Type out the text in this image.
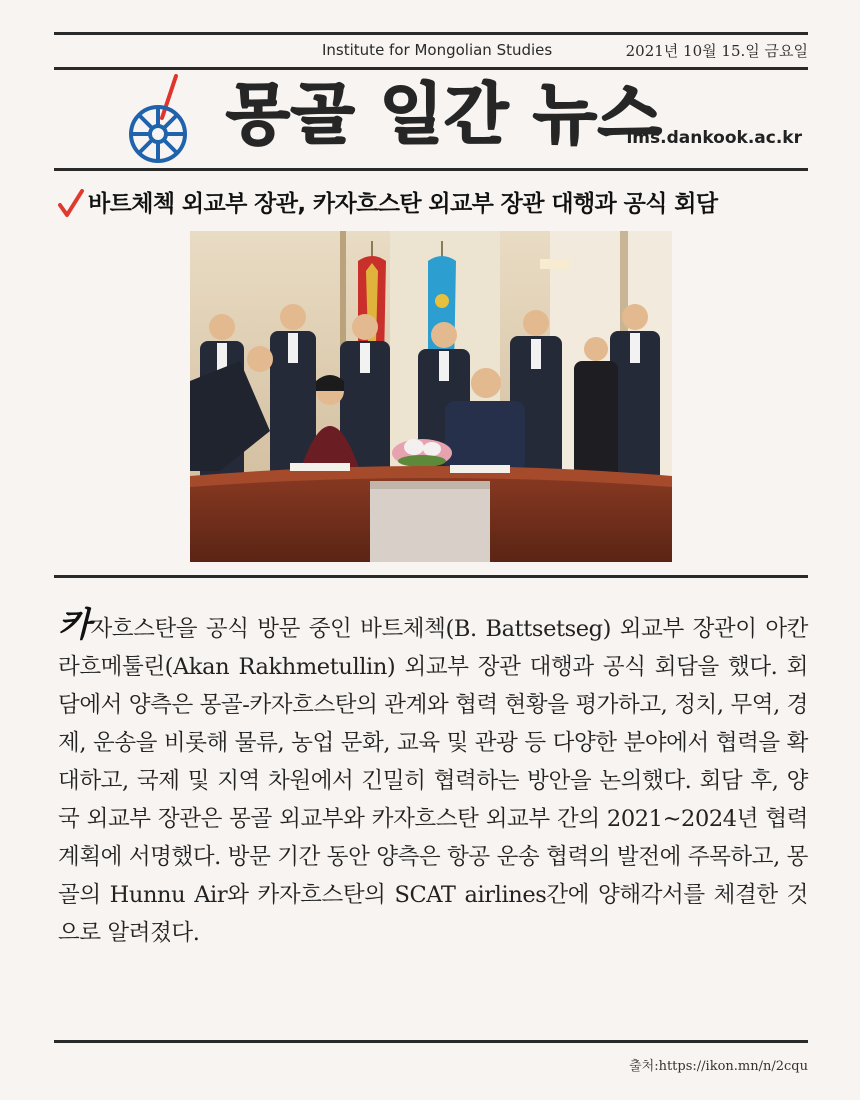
Institute for Mongolian Studies	2021년 10월 15.일 금요일
몽골 일간 뉴스
ims.dankook.ac.kr
바트체첵 외교부 장관, 카자흐스탄 외교부 장관 대행과 공식 회담
카자흐스탄을 공식 방문 중인 바트체첵(B. Battsetseg) 외교부 장관이 아칸 라흐메툴린(Akan Rakhmetullin) 외교부 장관 대행과 공식 회담을 했다. 회담에서 양측은 몽골-카자흐스탄의 관계와 협력 현황을 평가하고, 정치, 무역, 경제, 운송을 비롯해 물류, 농업 문화, 교육 및 관광 등 다양한 분야에서 협력을 확대하고, 국제 및 지역 차원에서 긴밀히 협력하는 방안을 논의했다. 회담 후, 양국 외교부 장관은 몽골 외교부와 카자흐스탄 외교부 간의 2021~2024년 협력 계획에 서명했다. 방문 기간 동안 양측은 항공 운송 협력의 발전에 주목하고, 몽골의 Hunnu Air와 카자흐스탄의 SCAT airlines간에 양해각서를 체결한 것으로 알려졌다.
출처:https://ikon.mn/n/2cqu
